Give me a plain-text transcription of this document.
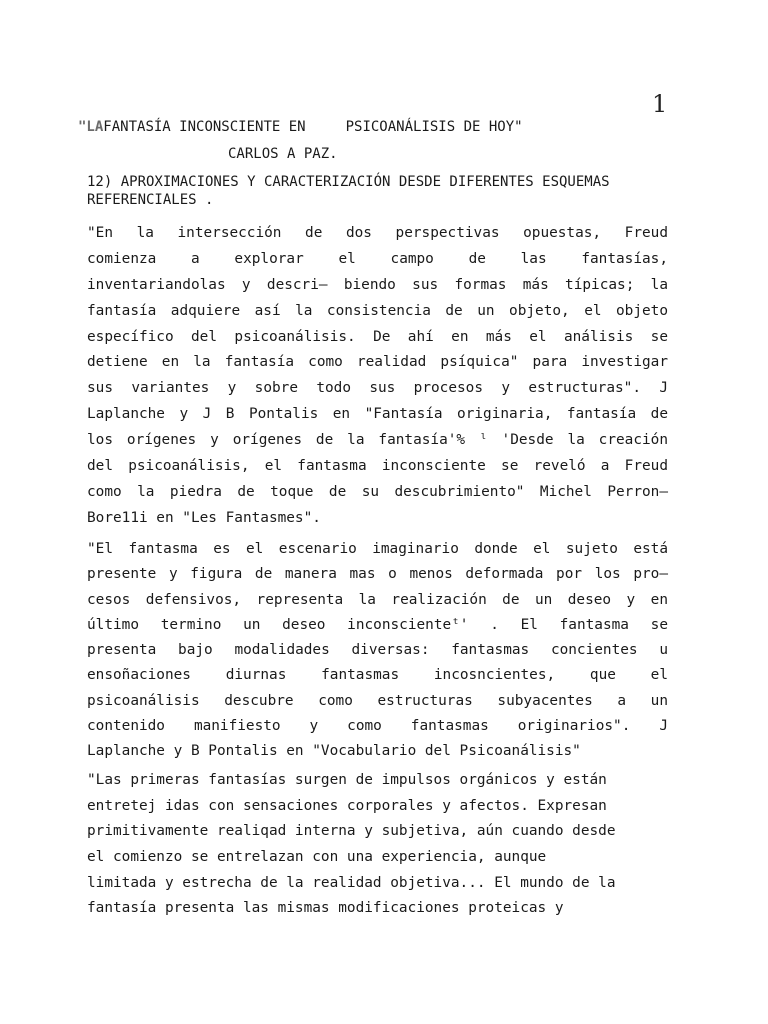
1
"LAFANTASÍA INCONSCIENTE EN	PSICOANÁLISIS DE HOY"
CARLOS A PAZ.
12) APROXIMACIONES Y CARACTERIZACIÓN DESDE DIFERENTES ESQUEMAS REFERENCIALES .
"En la intersección de dos perspectivas opuestas, Freud
comienza a explorar el campo de las fantasías,
inventariandolas y descri— biendo sus formas más típicas; la
fantasía adquiere así la consistencia de un objeto, el objeto
específico del psicoanálisis. De ahí en más el análisis se
detiene en la fantasía como realidad psíquica" para investigar
sus variantes y sobre todo sus procesos y estructuras". J
Laplanche y J B Pontalis en "Fantasía originaria, fantasía de
los orígenes y orígenes de la fantasía'% ˡ 'Desde la creación
del psicoanálisis, el fantasma inconsciente se reveló a Freud
como la piedra de toque de su descubrimiento" Michel Perron—
Bore11i en "Les Fantasmes".
"El fantasma es el escenario imaginario donde el sujeto está
presente y figura de manera mas o menos deformada por los pro—
cesos defensivos, representa la realización de un deseo y en
último termino un deseo inconscienteᵗ' . El fantasma se
presenta bajo modalidades diversas: fantasmas concientes u
ensoñaciones diurnas fantasmas incosncientes, que el
psicoanálisis descubre como estructuras subyacentes a un
contenido manifiesto y como fantasmas originarios". J
Laplanche y B Pontalis en "Vocabulario del Psicoanálisis"
"Las primeras fantasías surgen de impulsos orgánicos y están
entretej idas con sensaciones corporales y afectos. Expresan
primitivamente realiqad interna y subjetiva, aún cuando desde
el comienzo se entrelazan con una experiencia, aunque
limitada y estrecha de la realidad objetiva... El mundo de la
fantasía presenta las mismas modificaciones proteicas y
